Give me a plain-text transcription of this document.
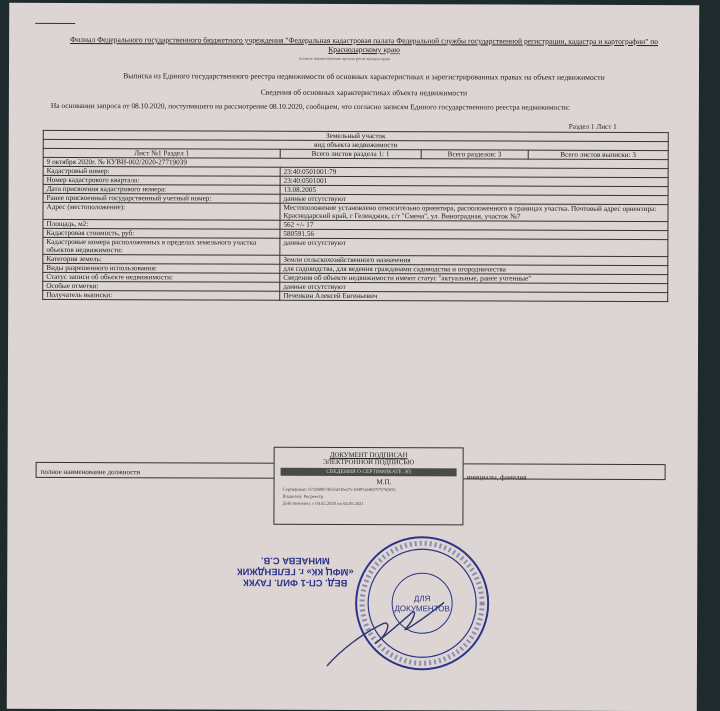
Филиал Федерального государственного бюджетного учреждения "Федеральная кадастровая палата Федеральной службы государственной регистрации, кадастра и картографии" по Краснодарскому краю
полное наименование органа регистрации прав
Выписка из Единого государственного реестра недвижимости об основных характеристиках и зарегистрированных правах на объект недвижимости
Сведения об основных характеристиках объекта недвижимости
На основании запроса от 08.10.2020, поступившего на рассмотрение 08.10.2020, сообщаем, что согласно записям Единого государственного реестра недвижимости:
Раздел 1 Лист 1
Земельный участок			
вид объекта недвижимости			
Лист №1 Раздел 1	Всего листов раздела 1: 1	Всего разделов: 3	Всего листов выписки: 3
9 октября 2020г. № КУВИ-002/2020-27719039			
Кадастровый номер:	23:40:0501001:79		
Номер кадастрового квартала:	23:40:0501001		
Дата присвоения кадастрового номера:	13.08.2005		
Ранее присвоенный государственный учетный номер:	данные отсутствуют		
Адрес (местоположение):	Местоположение установлено относительно ориентира, расположенного в границах участка. Почтовый адрес ориентира: Краснодарский край, г Геленджик, с/т "Смена", ул. Виноградная, участок №7		
Площадь, м2:	562 +/- 17		
Кадастровая стоимость, руб:	580591.56		
Кадастровые номера расположенных в пределах земельного участка объектов недвижимости:	данные отсутствуют		
Категория земель:	Земли сельскохозяйственного назначения		
Виды разрешенного использования:	для садоводства, для ведения гражданами садоводства и огородничества		
Статус записи об объекте недвижимости:	Сведения об объекте недвижимости имеют статус "актуальные, ранее учтенные"		
Особые отметки:	данные отсутствуют		
Получатель выписки:	Печенкин Алексей Евгеньевич		
полное наименование должности
инициалы, фамилия
ДОКУМЕНТ ПОДПИСАН
ЭЛЕКТРОННОЙ ПОДПИСЬЮ
СВЕДЕНИЯ О СЕРТИФИКАТЕ ЭП
М.П.
Сертификат: 6710898745d5d5f5e27c10097ab9f67f7f76f656
Владелец: Росреестр
Действителен: с 04.02.2020 по 04.05.2021
ВЕД. СП-1 ФИЛ. ГАУКК
«МФЦ КК» г. ГЕЛЕНДЖИК
МИНАЕВА С.В.
ДЛЯ
ДОКУМЕНТОВ
